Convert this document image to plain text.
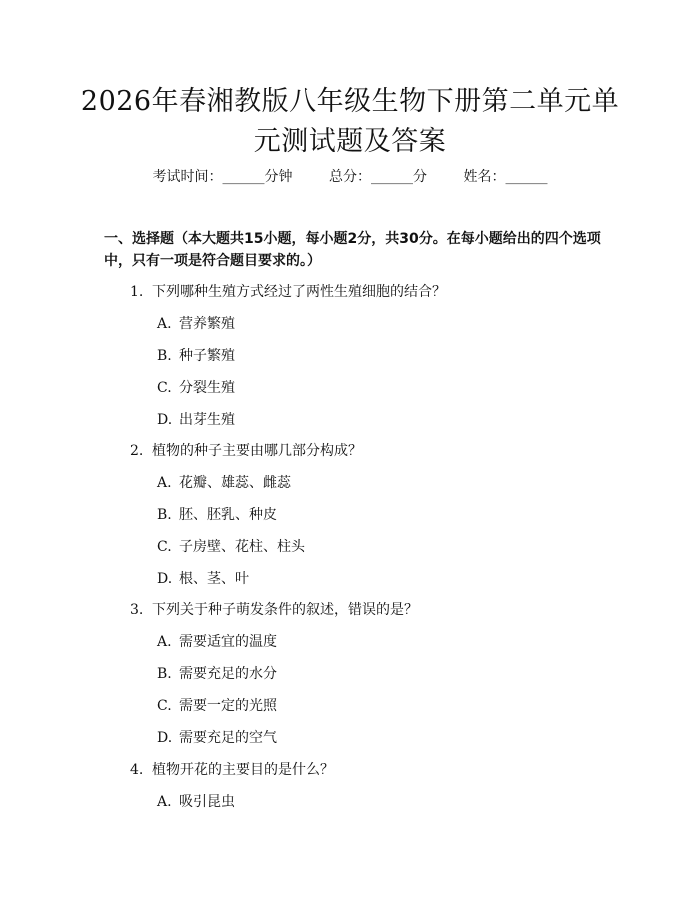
2026年春湘教版八年级生物下册第二单元单元测试题及答案
考试时间：______分钟	总分：______分	姓名：______
一、选择题（本大题共15小题，每小题2分，共30分。在每小题给出的四个选项中，只有一项是符合题目要求的。）
1. 下列哪种生殖方式经过了两性生殖细胞的结合？
A. 营养繁殖
B. 种子繁殖
C. 分裂生殖
D. 出芽生殖
2. 植物的种子主要由哪几部分构成？
A. 花瓣、雄蕊、雌蕊
B. 胚、胚乳、种皮
C. 子房壁、花柱、柱头
D. 根、茎、叶
3. 下列关于种子萌发条件的叙述，错误的是？
A. 需要适宜的温度
B. 需要充足的水分
C. 需要一定的光照
D. 需要充足的空气
4. 植物开花的主要目的是什么？
A. 吸引昆虫
